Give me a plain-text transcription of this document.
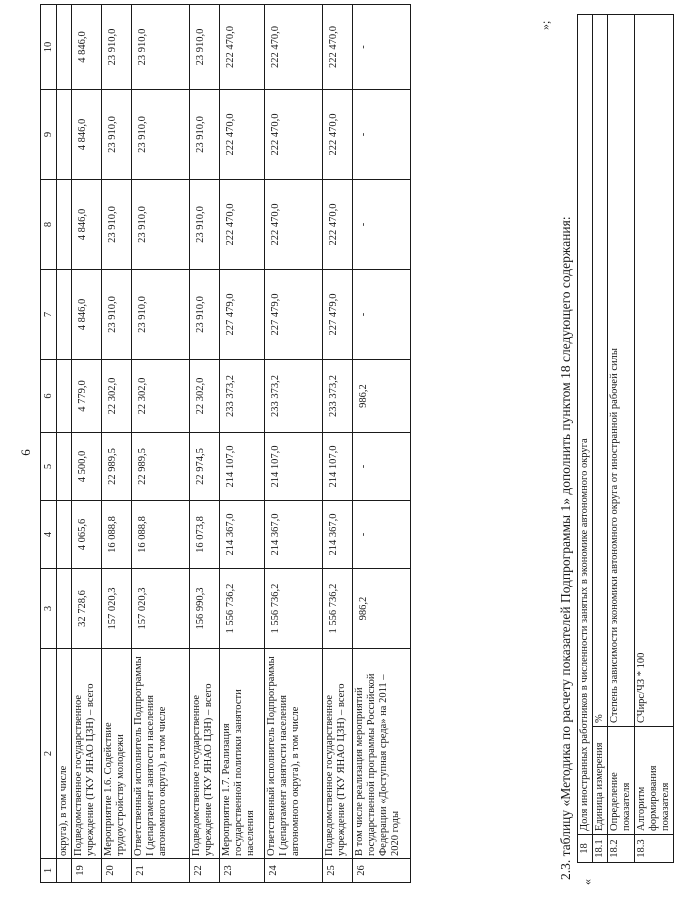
6
1	2	3	4	5	6	7	8	9	10
	округа), в том числе								
19	Подведомственное государственное учреждение (ГКУ ЯНАО ЦЗН) – всего	32 728,6	4 065,6	4 500,0	4 779,0	4 846,0	4 846,0	4 846,0	4 846,0
20	Мероприятие 1.6. Содействие трудоустройству молодежи	157 020,3	16 088,8	22 989,5	22 302,0	23 910,0	23 910,0	23 910,0	23 910,0
21	Ответственный исполнитель Подпрограммы I (департамент занятости населения автономного округа), в том числе	157 020,3	16 088,8	22 989,5	22 302,0	23 910,0	23 910,0	23 910,0	23 910,0
22	Подведомственное государственное учреждение (ГКУ ЯНАО ЦЗН) – всего	156 990,3	16 073,8	22 974,5	22 302,0	23 910,0	23 910,0	23 910,0	23 910,0
23	Мероприятие 1.7. Реализация государственной политики занятости населения	1 556 736,2	214 367,0	214 107,0	233 373,2	227 479,0	222 470,0	222 470,0	222 470,0
24	Ответственный исполнитель Подпрограммы I (департамент занятости населения автономного округа), в том числе	1 556 736,2	214 367,0	214 107,0	233 373,2	227 479,0	222 470,0	222 470,0	222 470,0
25	Подведомственное государственное учреждение (ГКУ ЯНАО ЦЗН) – всего	1 556 736,2	214 367,0	214 107,0	233 373,2	227 479,0	222 470,0	222 470,0	222 470,0
26	В том числе реализация мероприятий государственной программы Российской Федерации «Доступная среда» на 2011 – 2020 годы	986,2	-	-	986,2	-	-	-	-
»;
2.3. таблицу «Методика по расчету показателей Подпрограммы 1» дополнить пунктом 18 следующего содержания:
«
18	Доля иностранных работников в численности занятых в экономике автономного округа	
18.1	Единица измерения	%
18.2	Определение показателя	Степень зависимости экономики автономного округа от иностранной рабочей силы
18.3	Алгоритм формирования показателя	СЧирс/ЧЗ * 100
